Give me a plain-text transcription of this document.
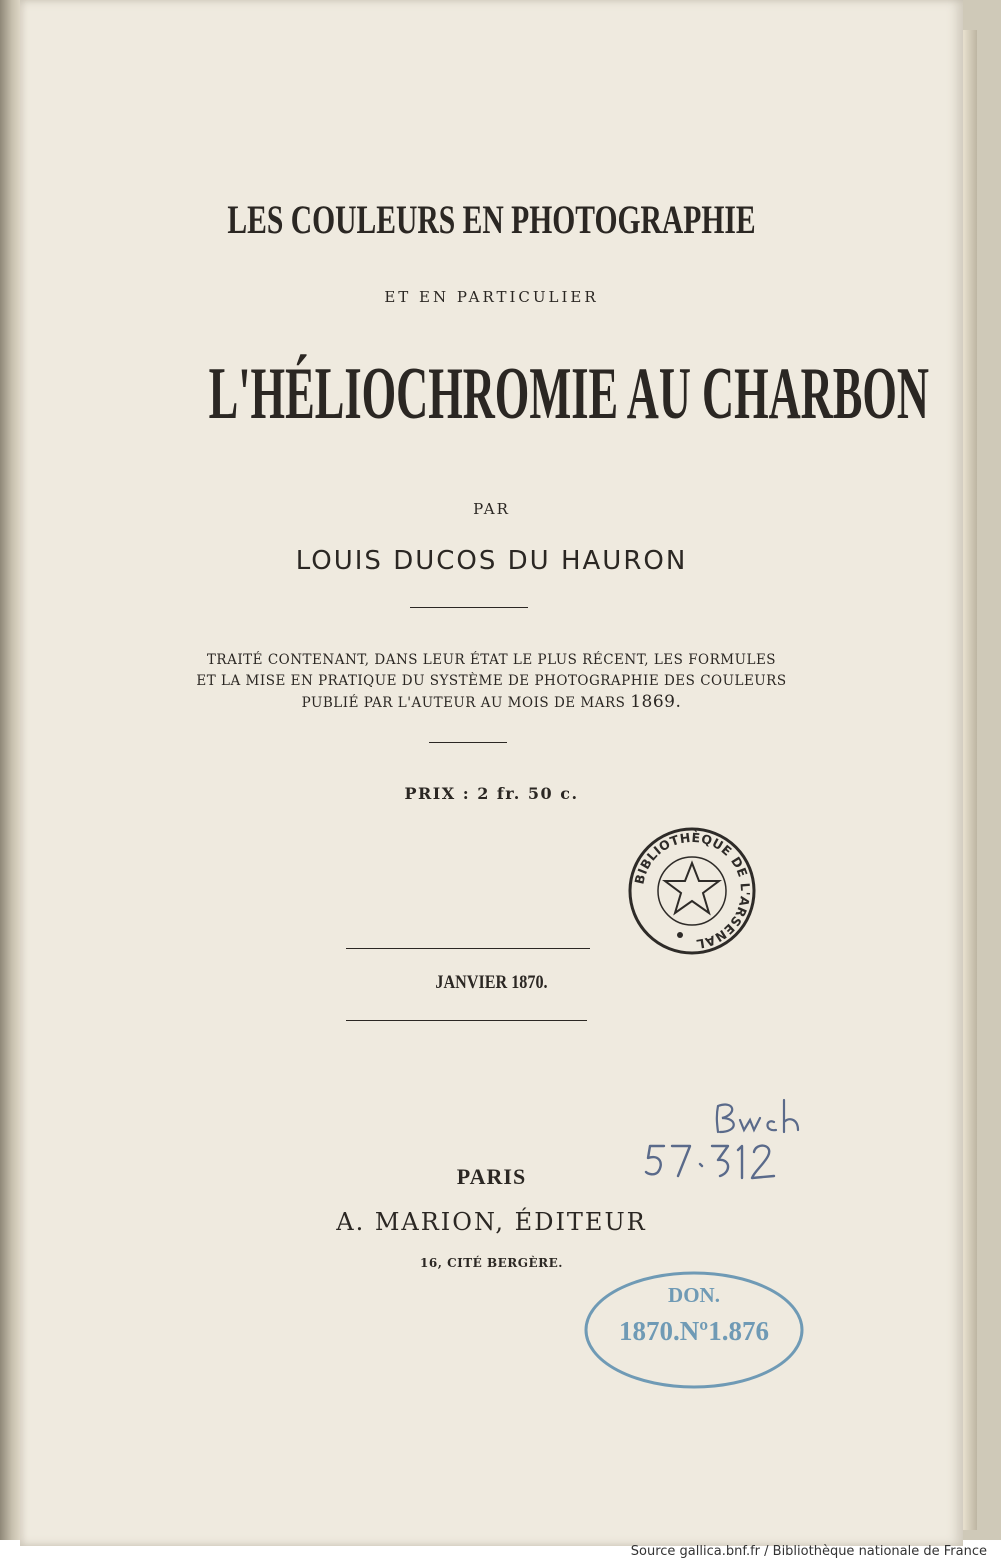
LES COULEURS EN PHOTOGRAPHIE
ET EN PARTICULIER
L'HÉLIOCHROMIE AU CHARBON
PAR
LOUIS DUCOS DU HAURON
TRAITÉ CONTENANT, DANS LEUR ÉTAT LE PLUS RÉCENT, LES FORMULES
ET LA MISE EN PRATIQUE DU SYSTÈME DE PHOTOGRAPHIE DES COULEURS
PUBLIÉ PAR L'AUTEUR AU MOIS DE MARS 1869.
PRIX : 2 fr. 50 c.
JANVIER 1870.
PARIS
A. MARION, ÉDITEUR
16, CITÉ BERGÈRE.
BIBLIOTHÈQUE DE L'ARSENAL
DON.
1870.Nº1.876
Source gallica.bnf.fr / Bibliothèque nationale de France
